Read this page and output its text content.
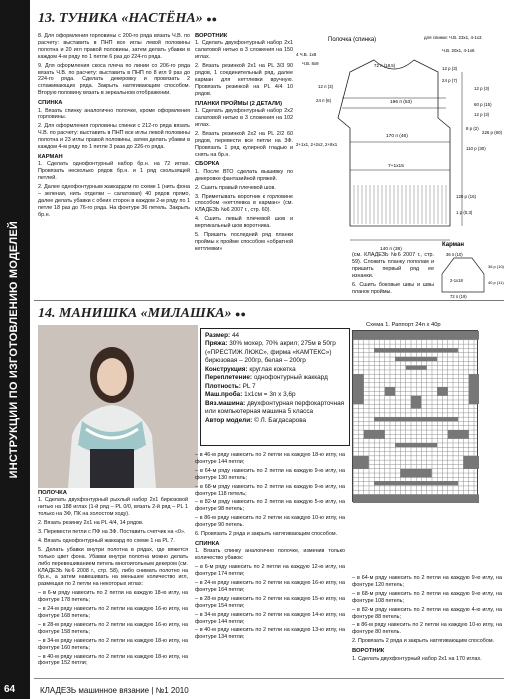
ИНСТРУКЦИИ ПО ИЗГОТОВЛЕНИЮ МОДЕЛЕЙ
13. ТУНИКА «НАСТЁНА» ●●
8. Для оформления горловины с 200-го ряда вязать Ч.В. по расчету: выставить в ПНП все иглы левой половины полотна и 20 игл правой половины, затем делать убавки в каждом 4-м ряду по 1 петле 6 раз до 224-го ряда.
9. Для оформления скоса плеча по линии со 206-го ряда вязать Ч.В. по расчету: выставить в ПНП по 8 игл 9 раз до 224-го ряда. Сделать декеровку и провязать 2 сглаживающих ряда. Закрыть натягивающим способом. Вторую половину вязать в зеркальном отображении.
СПИНКА
1. Вязать спинку аналогично полочке, кроме оформления горловины.
2. Для оформления горловины спинки с 212-го ряда вязать Ч.В. по расчету: выставить в ПНП все иглы левой половины полотна и 23 иглы правой половины, затем делать убавки в каждом 4-м ряду по 1 петле 3 раза до 226-го ряда.
КАРМАН
1. Сделать однофонтурный набор бр.н. на 72 иглах. Провязать несколько рядов бр.н. и 1 ряд скользящей петлей.
2. Далее однофонтурным жаккардом по схеме 1 (нить фона – зеленая, нить отделки – салатовая) 40 рядов прямо, далее делать убавки с обеих сторон в каждом 2-м ряду по 1 петле 18 раз до 76-го ряда. На фонтуре 36 петель. Закрыть бр.н.
ВОРОТНИК
1. Сделать двухфонтурный набор 2х1 салатовой нитью в 3 сложения на 150 иглах.
2. Вязать резинкой 2х1 на PL 3/3 90 рядов, 1 соединительный ряд, далее карман для кеттлевки вручную. Провязать резинкой на PL 4/4 10 рядов.
ПЛАНКИ ПРОЙМЫ (2 ДЕТАЛИ)
1. Сделать двухфонтурный набор 2х2 салатовой нитью в 3 сложения на 102 иглах.
2. Вязать резинкой 2х2 на PL 2/2 60 рядов, перевести все петли на 3Ф. Провязать 1 ряд кулирной гладью и снять на бр.н.
СБОРКА
1. После ВТО сделать вышивку по декеровке фантазийной пряжей.
2. Сшить правый плечевой шов.
3. Приметывать воротник к горловине способом «кеттлевка в карман» (см. КЛАДЕЗЬ №6 2007 г., стр. 60).
4. Сшить левый плечевой шов и вертикальный шов воротника.
5. Пришить последний ряд планки проймы к пройме способом «обратной кеттлевки»
Полочка (спинка)	для спинки: Ч.В. 23х1, 4-1х3
Ч.В. 20х1, 4-1х6
4 Ч.В. 1х8
Ч.В. 8х9	72 п (18,5)
12 п (3)
24 п (6)	196 п (53)
170 п (46)
7+1х15
140 п (38)
12 р (3)
24 р (7)
12 р (3)
60 р (15)
12 р (3)
8 р (2)
226 р (60)
110 р (30)
120 р (16)
2+1х1, 2+2х2, 2+8х1
1 р (0,3)
(см. КЛАДЕЗЬ №6 2007 г., стр. 59). Сложить планку пополам и пришить первый ряд ее изнанки.
6. Сшить боковые швы и швы планок проймы.
Карман
36 п (10)
2-1х18
36 р (10)
40 р (11)
72 п (19)
14. МАНИШКА «МИЛАШКА» ●●
Размер: 44
Пряжа: 30% мохер, 70% акрил; 275м в 50гр («ПРЕСТИЖ ЛЮКС», фирма «КАМТЕКС») бирюзовая – 200гр, белая – 200гр
Конструкция: круглая кокетка
Переплетение: однофонтурный жаккард
Плотность: PL 7
Маш.проба: 1х1см = 3п х 3,6р
Вяз.машина: двухфонтурная перфокарточная или компьютерная машина 5 класса
Автор модели: © Л. Багдасарова
Схема 1. Раппорт 24п х 40р
ПОЛОЧКА
1. Сделать двухфонтурный рыхлый набор 2х1 бирюзовой нитью на 188 иглах (1-й ряд – PL 0/0, вязать 2-й ряд – PL 1 только на ЗФ, ПК на холостом ходу).
2. Вязать резинку 2х1 на PL 4/4, 14 рядов.
3. Перевести петли с ПФ на ЗФ. Поставить счетчик на «0».
4. Вязать однофонтурный жаккард по схеме 1 на PL 7.
5. Делать убавки внутри полотна в рядах, где вяжется только цвет фона. Убавки внутри полотна можно делать либо перевешиванием петель многоигольным декером (см. КЛАДЕЗЬ №6 2008 г., стр. 58), либо снимать полотно на бр.н., а затем навешивать на меньшее количество игл, размещая по 2 петли на некоторых иглах:
– в 6-м ряду навесить по 2 петли на каждую 18-ю иглу, на фонтуре 178 петель;
– в 24-м ряду навесить по 2 петли на каждую 16-ю иглу, на фонтуре 168 петель;
– в 28-м ряду навесить по 2 петли на каждую 16-ю иглу, на фонтуре 158 петель;
– в 34-м ряду навесить по 2 петли на каждую 18-ю иглу, на фонтуре 160 петель;
– в 40-м ряду навесить по 2 петли на каждую 18-ю иглу, на фонтуре 152 петли;
– в 46-м ряду навесить по 2 петли на каждую 18-ю иглу, на фонтуре 144 петли;
– в 64-м ряду навесить по 2 петли на каждую 9-ю иглу, на фонтуре 130 петель;
– в 68-м ряду навесить по 2 петли на каждую 9-ю иглу, на фонтуре 118 петель;
– в 82-м ряду навесить по 2 петли на каждую 5-ю иглу, на фонтуре 98 петель;
– в 86-м ряду навесить по 2 петли на каждую 10-ю иглу, на фонтуре 90 петель.
6. Провязать 2 ряда и закрыть натягивающим способом.
СПИНКА
1. Вязать спинку аналогично полочке, изменив только количество убавок:
– в 6-м ряду навесить по 2 петли на каждую 12-ю иглу, на фонтуре 174 петли;
– в 24-м ряду навесить по 2 петли на каждую 16-ю иглу, на фонтуре 164 петли;
– в 28-м ряду навесить по 2 петли на каждую 15-ю иглу, на фонтуре 154 петли;
– в 34-м ряду навесить по 2 петли на каждую 14-ю иглу, на фонтуре 144 петли;
– в 40-м ряду навесить по 2 петли на каждую 13-ю иглу, на фонтуре 134 петли;
– в 64-м ряду навесить по 2 петли на каждую 9-ю иглу, на фонтуре 120 петель;
– в 68-м ряду навесить по 2 петли на каждую 9-ю иглу, на фонтуре 108 петель;
– в 82-м ряду навесить по 2 петли на каждую 4-ю иглу, на фонтуре 88 петель;
– в 86-м ряду навесить по 2 петли на каждую 10-ю иглу, на фонтуре 80 петель.
2. Провязать 2 ряда и закрыть натягивающим способом.
ВОРОТНИК
1. Сделать двухфонтурный набор 2х1 на 170 иглах.
64	КЛАДЕЗЬ машинное вязание | №1 2010
